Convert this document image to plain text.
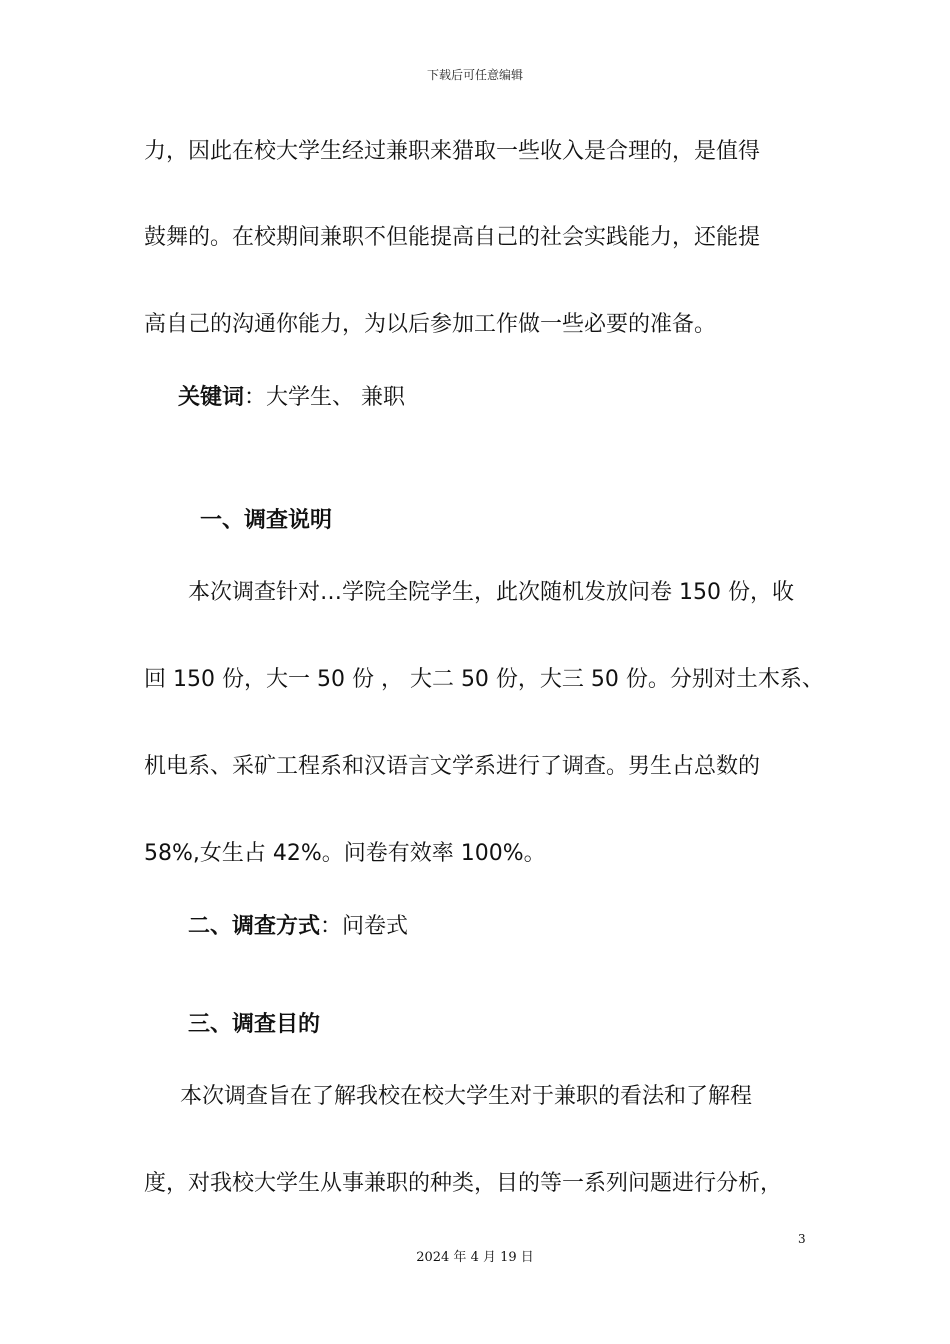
下载后可任意编辑
力，因此在校大学生经过兼职来猎取一些收入是合理的，是值得
鼓舞的。在校期间兼职不但能提高自己的社会实践能力，还能提
高自己的沟通你能力，为以后参加工作做一些必要的准备。
关键词：大学生、 兼职
一、调查说明
本次调查针对…学院全院学生，此次随机发放问卷 150 份，收
回 150 份，大一 50 份 ， 大二 50 份，大三 50 份。分别对土木系、
机电系、采矿工程系和汉语言文学系进行了调查。男生占总数的
58%,女生占 42%。问卷有效率 100%。
二、调查方式：问卷式
三、调查目的
本次调查旨在了解我校在校大学生对于兼职的看法和了解程
度，对我校大学生从事兼职的种类，目的等一系列问题进行分析，
3
2024 年 4 月 19 日
